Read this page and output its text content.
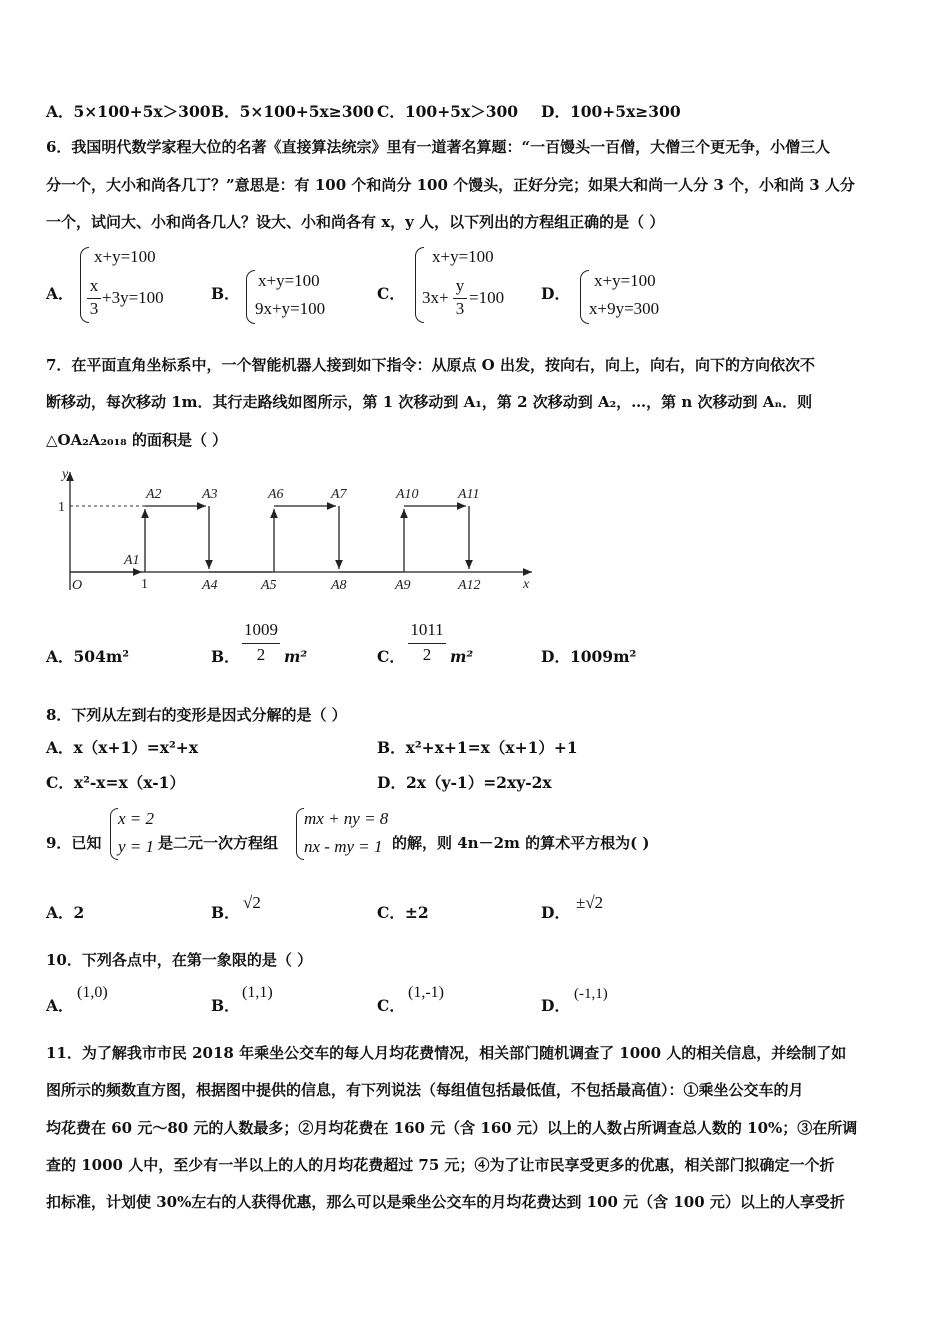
A．5×100+5x＞300 B．5×100+5x≥300 C．100+5x＞300 D．100+5x≥300
6．我国明代数学家程大位的名著《直接算法统宗》里有一道著名算题：“一百馒头一百僧，大僧三个更无争，小僧三人
分一个，大小和尚各几丁？”意思是：有 100 个和尚分 100 个馒头，正好分完；如果大和尚一人分 3 个，小和尚 3 人分
一个，试问大、小和尚各几人？设大、小和尚各有 x，y 人，以下列出的方程组正确的是（ ）
A．
x+y=100
x
3
+3y=100	B．
x+y=100
9x+y=100
C．
x+y=100
3x+
y
3
=100 D．
x+y=100
x+9y=300
7．在平面直角坐标系中，一个智能机器人接到如下指令：从原点 O 出发，按向右，向上，向右，向下的方向依次不
断移动，每次移动 1m．其行走路线如图所示，第 1 次移动到 A₁，第 2 次移动到 A₂，…，第 n 次移动到 Aₙ．则
△OA₂A₂₀₁₈ 的面积是（ ）
y
x
O
A1
A2	A3
A4	A5
A6	A7
A8	A9
A10	A11
A12
1
1
A．504m²	B．
1009
2	m²	C．
1011
2	m²	D．1009m²
8．下列从左到右的变形是因式分解的是（ ）
A．x（x+1）=x²+x	B．x²+x+1=x（x+1）+1
C．x²-x=x（x-1）	D．2x（y-1）=2xy-2x
9．已知
x = 2
y = 1 是二元一次方程组
mx + ny = 8
nx - my = 1 的解，则 4n－2m 的算术平方根为( )
A．2	B．
√2
C．±2	D．
±√2
10．下列各点中，在第一象限的是（ ）
A．
(1,0)
B．
(1,1)
C．
(1,-1)
D．
(-1,1)
11．为了解我市市民 2018 年乘坐公交车的每人月均花费情况，相关部门随机调查了 1000 人的相关信息，并绘制了如
图所示的频数直方图，根据图中提供的信息，有下列说法（每组值包括最低值，不包括最高值）：①乘坐公交车的月
均花费在 60 元～80 元的人数最多；②月均花费在 160 元（含 160 元）以上的人数占所调查总人数的 10%；③在所调
查的 1000 人中，至少有一半以上的人的月均花费超过 75 元；④为了让市民享受更多的优惠，相关部门拟确定一个折
扣标准，计划使 30%左右的人获得优惠，那么可以是乘坐公交车的月均花费达到 100 元（含 100 元）以上的人享受折
